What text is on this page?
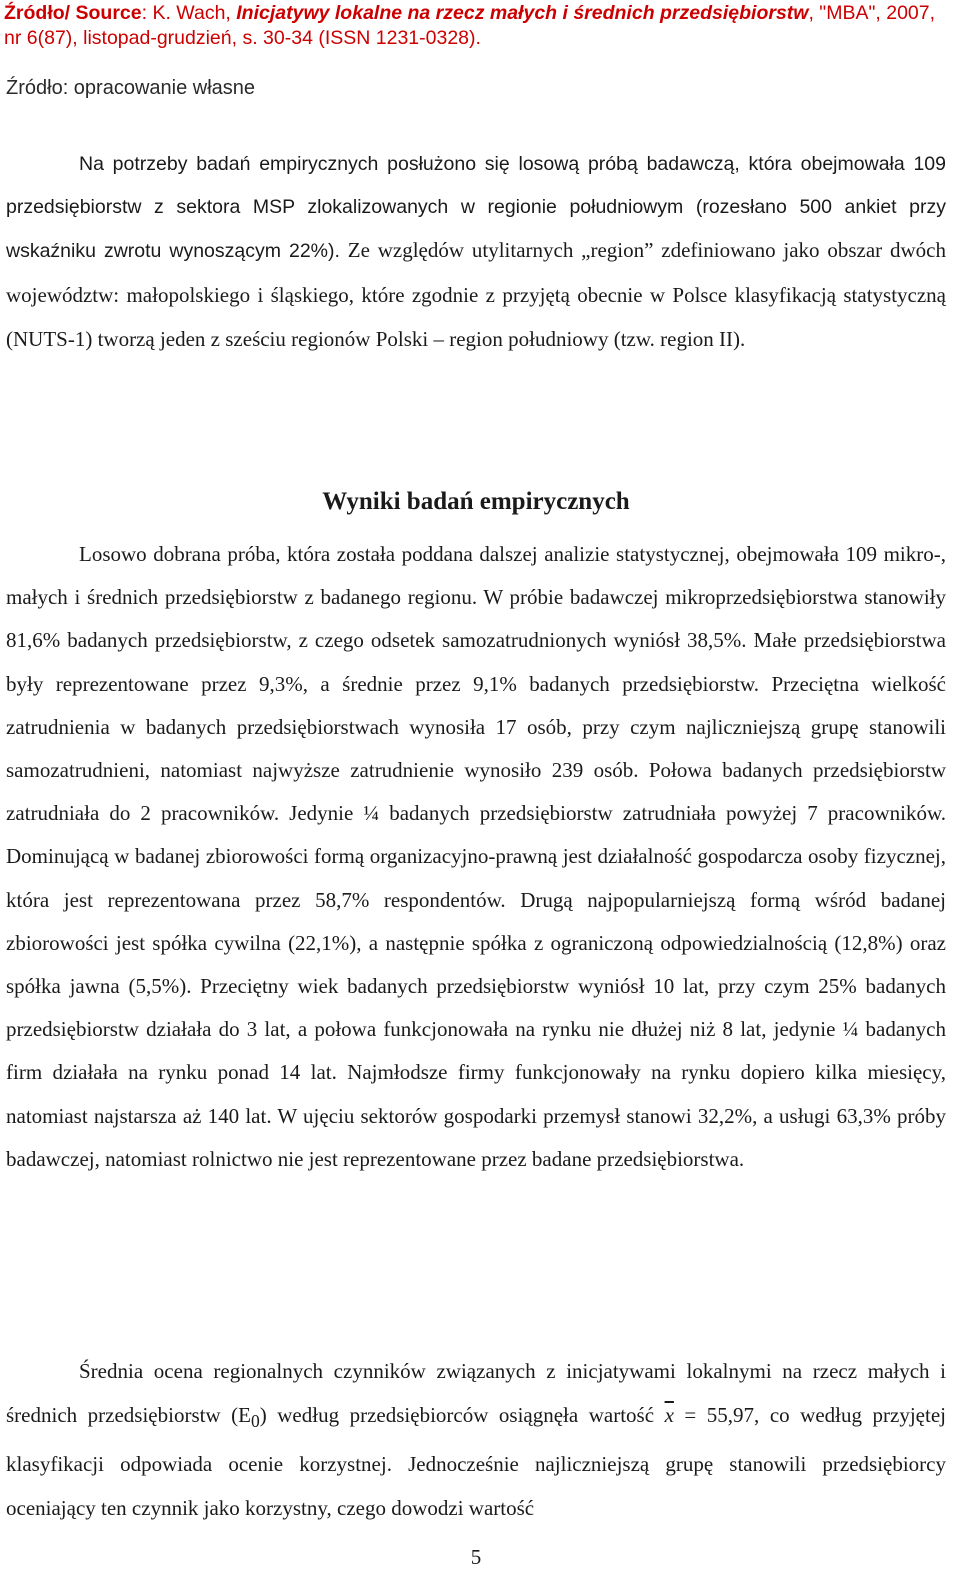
Źródło/ Source: K. Wach, Inicjatywy lokalne na rzecz małych i średnich przedsiębiorstw, "MBA", 2007, nr 6(87), listopad-grudzień, s. 30-34 (ISSN 1231-0328).
Źródło: opracowanie własne

Na potrzeby badań empirycznych posłużono się losową próbą badawczą, która obejmowała 109 przedsiębiorstw z sektora MSP zlokalizowanych w regionie południowym (rozesłano 500 ankiet przy wskaźniku zwrotu wynoszącym 22%). Ze względów utylitarnych „region” zdefiniowano jako obszar dwóch województw: małopolskiego i śląskiego, które zgodnie z przyjętą obecnie w Polsce klasyfikacją statystyczną (NUTS-1) tworzą jeden z sześciu regionów Polski – region południowy (tzw. region II).

Wyniki badań empirycznych

Losowo dobrana próba, która została poddana dalszej analizie statystycznej, obejmowała 109 mikro-, małych i średnich przedsiębiorstw z badanego regionu. W próbie badawczej mikroprzedsiębiorstwa stanowiły 81,6% badanych przedsiębiorstw, z czego odsetek samozatrudnionych wyniósł 38,5%. Małe przedsiębiorstwa były reprezentowane przez 9,3%, a średnie przez 9,1% badanych przedsiębiorstw. Przeciętna wielkość zatrudnienia w badanych przedsiębiorstwach wynosiła 17 osób, przy czym najliczniejszą grupę stanowili samozatrudnieni, natomiast najwyższe zatrudnienie wynosiło 239 osób. Połowa badanych przedsiębiorstw zatrudniała do 2 pracowników. Jedynie ¼ badanych przedsiębiorstw zatrudniała powyżej 7 pracowników. Dominującą w badanej zbiorowości formą organizacyjno-prawną jest działalność gospodarcza osoby fizycznej, która jest reprezentowana przez 58,7% respondentów. Drugą najpopularniejszą formą wśród badanej zbiorowości jest spółka cywilna (22,1%), a następnie spółka z ograniczoną odpowiedzialnością (12,8%) oraz spółka jawna (5,5%). Przeciętny wiek badanych przedsiębiorstw wyniósł 10 lat, przy czym 25% badanych przedsiębiorstw działała do 3 lat, a połowa funkcjonowała na rynku nie dłużej niż 8 lat, jedynie ¼ badanych firm działała na rynku ponad 14 lat. Najmłodsze firmy funkcjonowały na rynku dopiero kilka miesięcy, natomiast najstarsza aż 140 lat. W ujęciu sektorów gospodarki przemysł stanowi 32,2%, a usługi 63,3% próby badawczej, natomiast rolnictwo nie jest reprezentowane przez badane przedsiębiorstwa.

Średnia ocena regionalnych czynników związanych z inicjatywami lokalnymi na rzecz małych i średnich przedsiębiorstw $(E_0)$ według przedsiębiorców osiągnęła wartość $\overline{x} = 55,97$, co według przyjętej klasyfikacji odpowiada ocenie korzystnej. Jednocześnie najliczniejszą grupę stanowili przedsiębiorcy oceniający ten czynnik jako korzystny, czego dowodzi wartość

5
